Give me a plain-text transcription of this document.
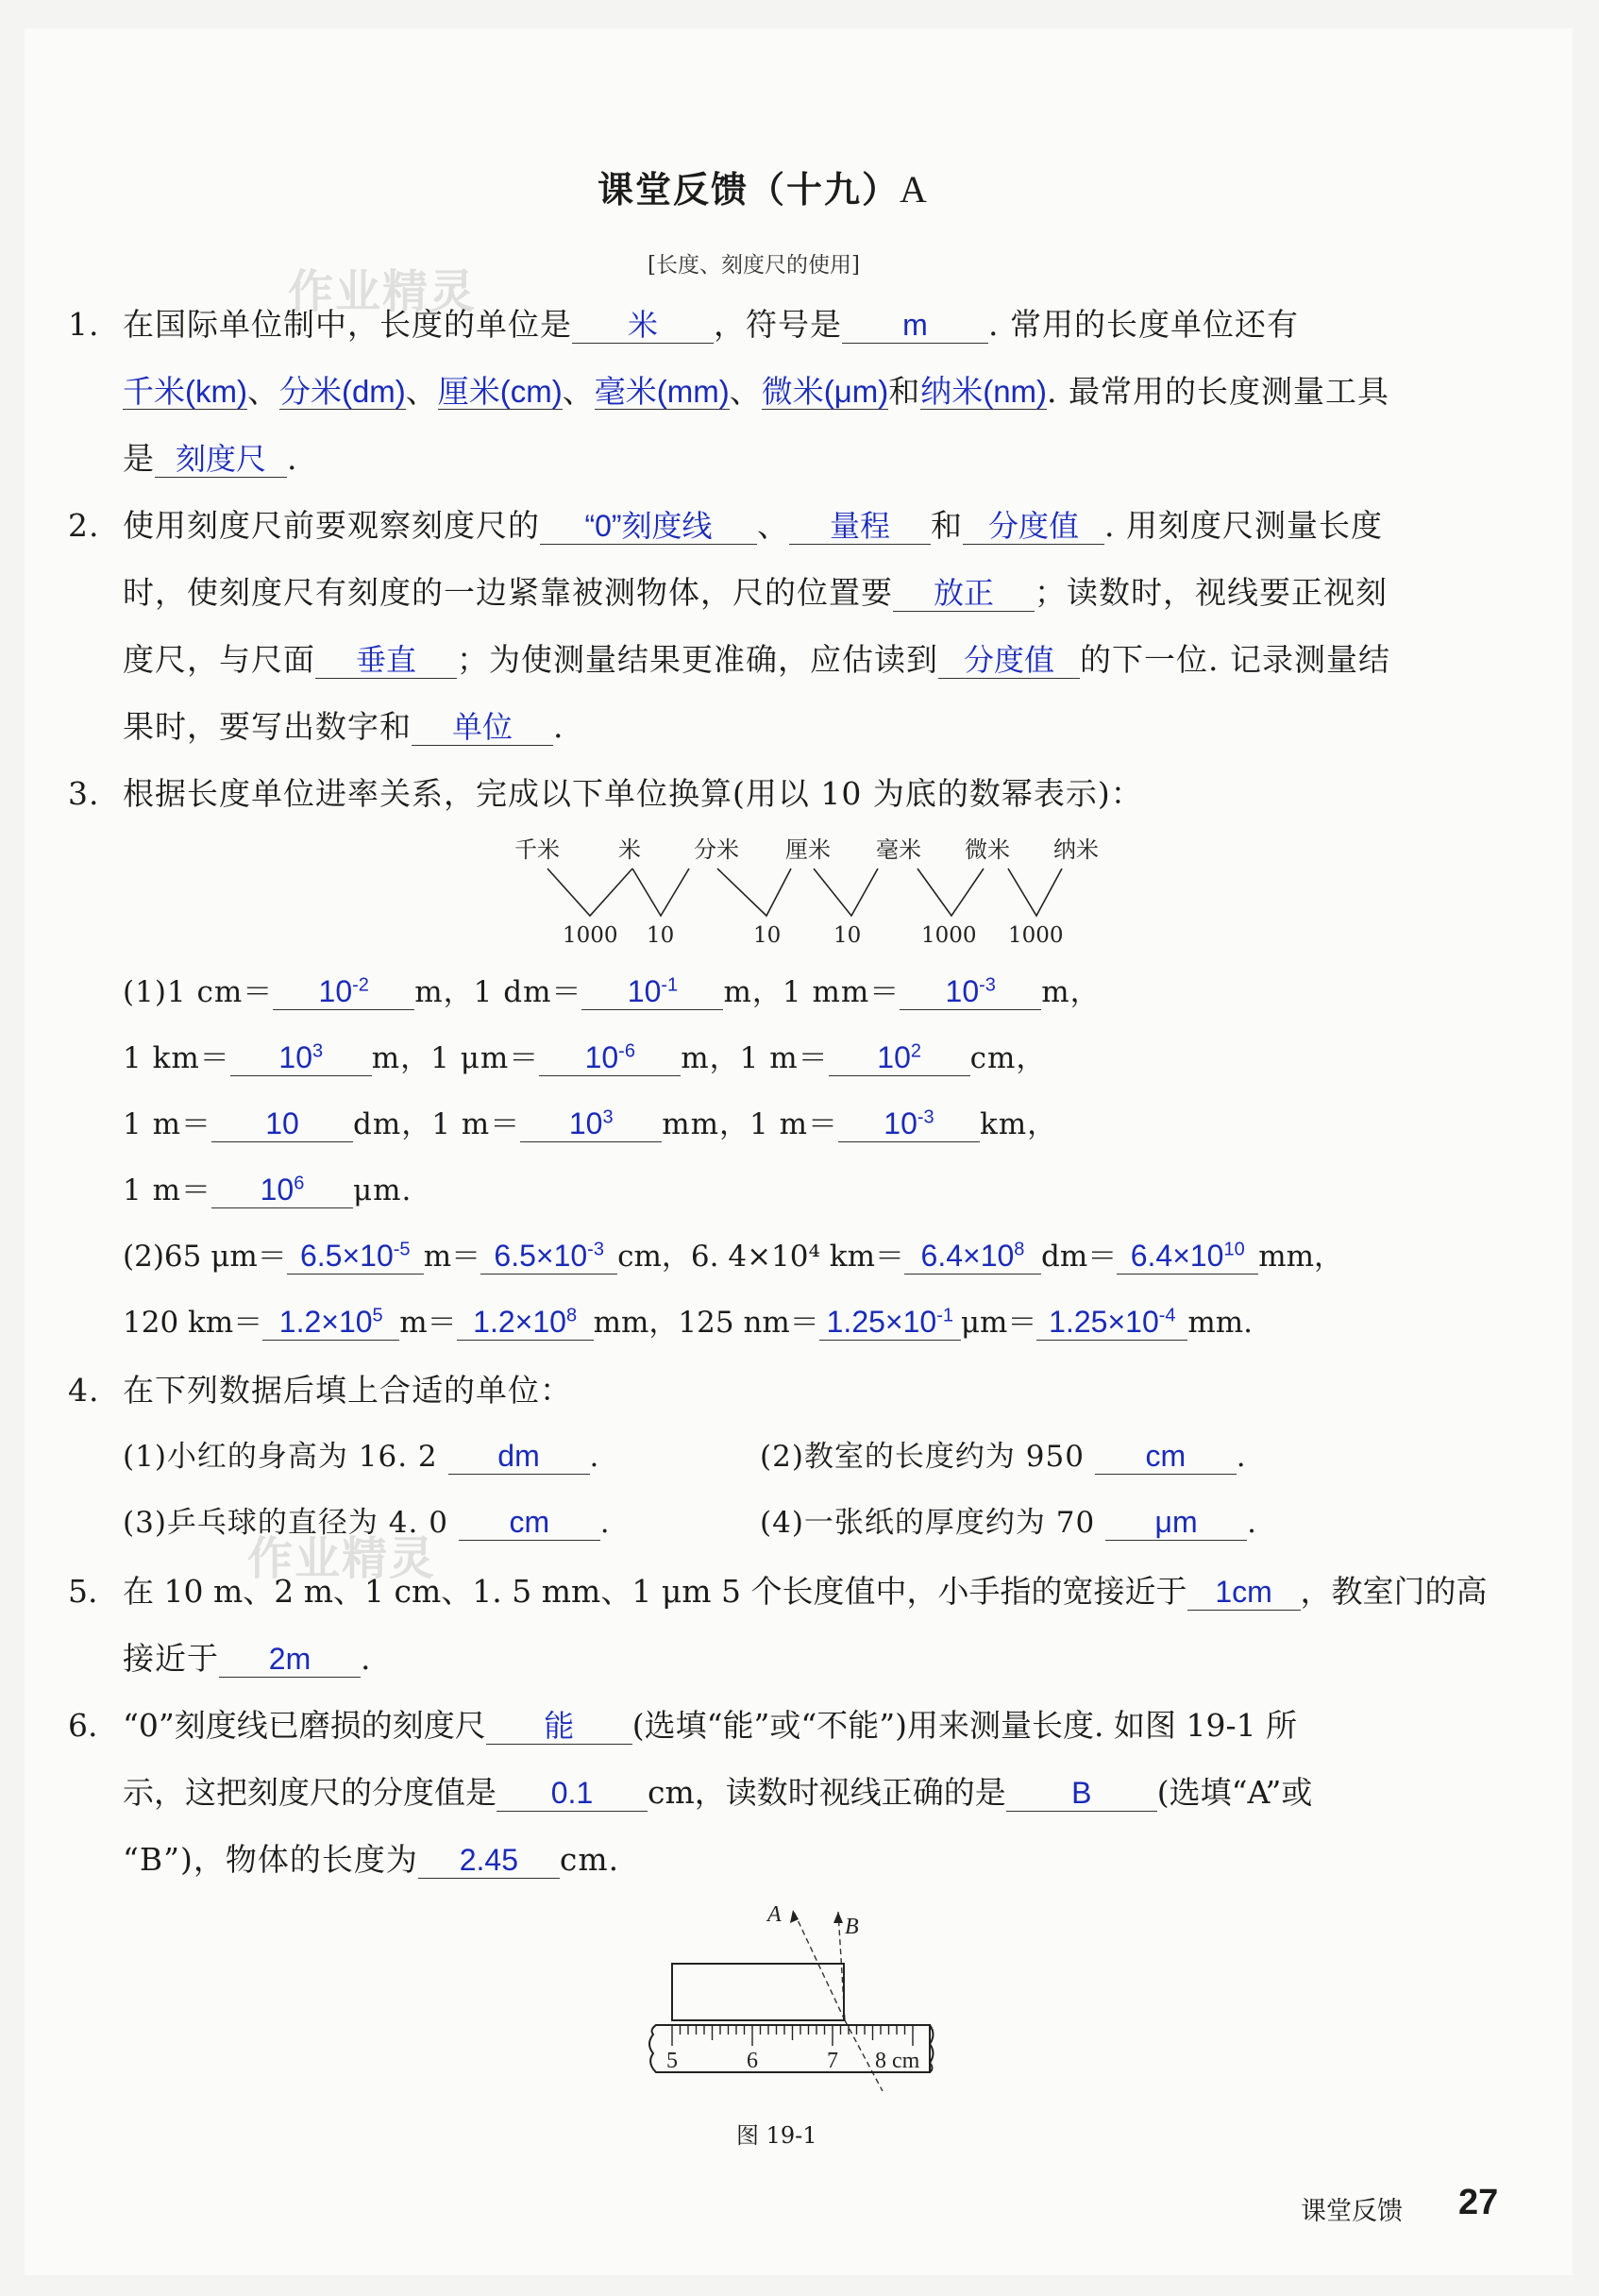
课堂反馈（十九）A
[长度、刻度尺的使用]
作业精灵
作业精灵
1. 在国际单位制中，长度的单位是 米 ，符号是 m . 常用的长度单位还有
千米(km)、分米(dm)、厘米(cm)、毫米(mm)、微米(μm)和纳米(nm). 最常用的长度测量工具
是 刻度尺 .
2. 使用刻度尺前要观察刻度尺的 “0”刻度线 、 量程 和 分度值 . 用刻度尺测量长度
时，使刻度尺有刻度的一边紧靠被测物体，尺的位置要 放正 ；读数时，视线要正视刻
度尺，与尺面 垂直 ；为使测量结果更准确，应估读到 分度值 的下一位. 记录测量结
果时，要写出数字和 单位 .
3. 根据长度单位进率关系，完成以下单位换算(用以 10 为底的数幂表示)：
千米	米 分米 厘米 毫米 微米 纳米
1000 10	10 10	1000 1000
(1)1 $cm= 10^{-2}$ m，1 $dm= 10^{-1}$ m，1 $mm= 10^{-3}$ m，
1 $km= 10^3$ m，1 $\mu m= 10^{-6}$ m，1 $m= 10^2$ cm，
1 m＝ 10 dm，1 $m= 10^3$ mm，1 $m= 10^{-3}$ km，
1 $m= 10^6$ μm.
(2)65 $\mu m= 6.5\times 10^{-5}$ $m= 6.5\times 10^{-3}$ cm，6. 4×10⁴ $km= 6.4\times 10^8$ $dm= 6.4\times 10^{10}$ mm，
120 $km= 1.2\times 10^5$ $m= 1.2\times 10^8$ mm，125 $nm= 1.25\times 10^{-1}$ $\mu m= 1.25\times 10^{-4}$ mm.
4. 在下列数据后填上合适的单位：
(1)小红的身高为 16. 2 dm .	(2)教室的长度约为 950 cm .
(3)乒乓球的直径为 4. 0 cm .	(4)一张纸的厚度约为 70 μm .
5. 在 10 m、2 m、1 cm、1. 5 mm、1 μm 5 个长度值中，小手指的宽接近于 1cm ，教室门的高
接近于 2m .
6. “0”刻度线已磨损的刻度尺 能 (选填“能”或“不能”)用来测量长度. 如图 19-1 所
示，这把刻度尺的分度值是 0.1 cm，读数时视线正确的是 B (选填“A”或
“B”)，物体的长度为 2.45 cm.
A	B
5	6	7 8 cm
图 19-1
课堂反馈 27
